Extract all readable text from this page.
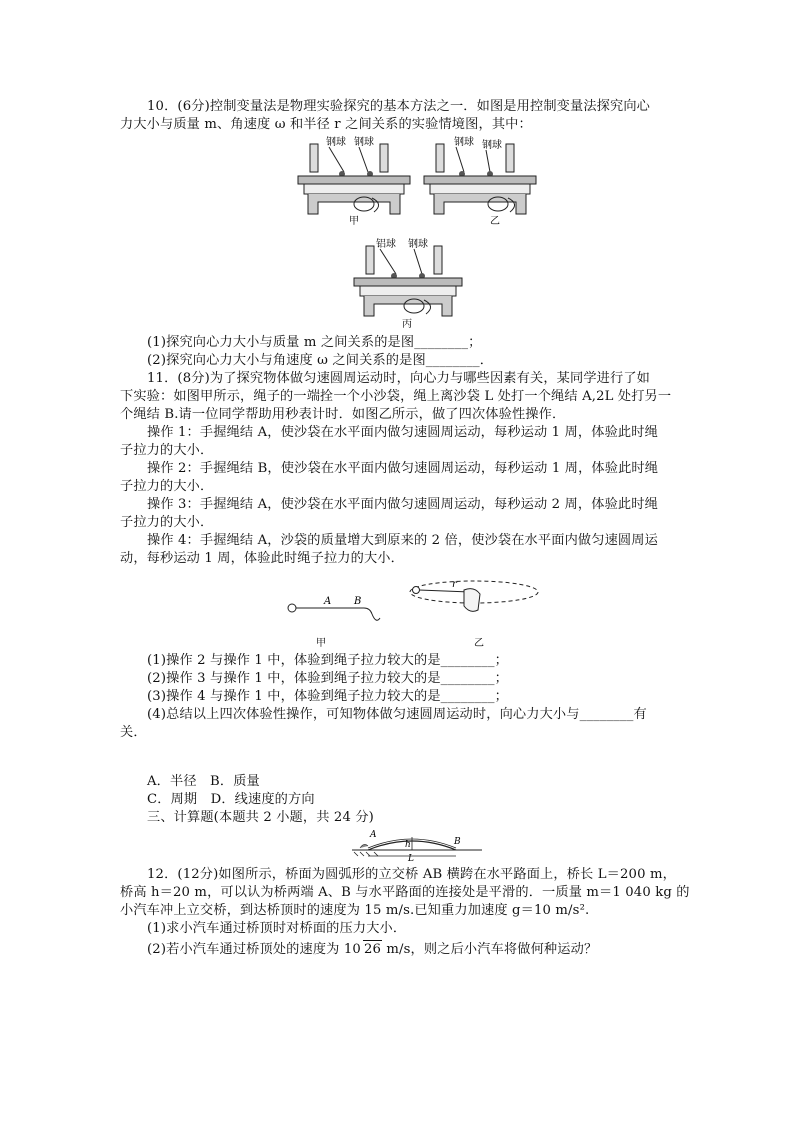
10．(6分)控制变量法是物理实验探究的基本方法之一．如图是用控制变量法探究向心
力大小与质量 m、角速度 ω 和半径 r 之间关系的实验情境图，其中：
钢球 钢球
甲
钢球 钢球
乙
铝球 钢球
丙
(1)探究向心力大小与质量 m 之间关系的是图________；
(2)探究向心力大小与角速度 ω 之间关系的是图________．
11．(8分)为了探究物体做匀速圆周运动时，向心力与哪些因素有关，某同学进行了如
下实验：如图甲所示，绳子的一端拴一个小沙袋，绳上离沙袋 L 处打一个绳结 A,2L 处打另一
个绳结 B.请一位同学帮助用秒表计时．如图乙所示，做了四次体验性操作．
操作 1：手握绳结 A，使沙袋在水平面内做匀速圆周运动，每秒运动 1 周，体验此时绳
子拉力的大小．
操作 2：手握绳结 B，使沙袋在水平面内做匀速圆周运动，每秒运动 1 周，体验此时绳
子拉力的大小．
操作 3：手握绳结 A，使沙袋在水平面内做匀速圆周运动，每秒运动 2 周，体验此时绳
子拉力的大小．
操作 4：手握绳结 A，沙袋的质量增大到原来的 2 倍，使沙袋在水平面内做匀速圆周运
动，每秒运动 1 周，体验此时绳子拉力的大小．
A B
甲
r
乙
(1)操作 2 与操作 1 中，体验到绳子拉力较大的是________；
(2)操作 3 与操作 1 中，体验到绳子拉力较大的是________；
(3)操作 4 与操作 1 中，体验到绳子拉力较大的是________；
(4)总结以上四次体验性操作，可知物体做匀速圆周运动时，向心力大小与________有
关．
A．半径　B．质量
C．周期　D．线速度的方向
三、计算题(本题共 2 小题，共 24 分)
A
B
h
L
12．(12分)如图所示，桥面为圆弧形的立交桥 AB 横跨在水平路面上，桥长 L＝200 m，
桥高 h＝20 m，可以认为桥两端 A、B 与水平路面的连接处是平滑的．一质量 m＝1 040 kg 的
小汽车冲上立交桥，到达桥顶时的速度为 15 m/s.已知重力加速度 g＝10 m/s².
(1)求小汽车通过桥顶时对桥面的压力大小．
(2)若小汽车通过桥顶处的速度为 10 26 m/s，则之后小汽车将做何种运动？
